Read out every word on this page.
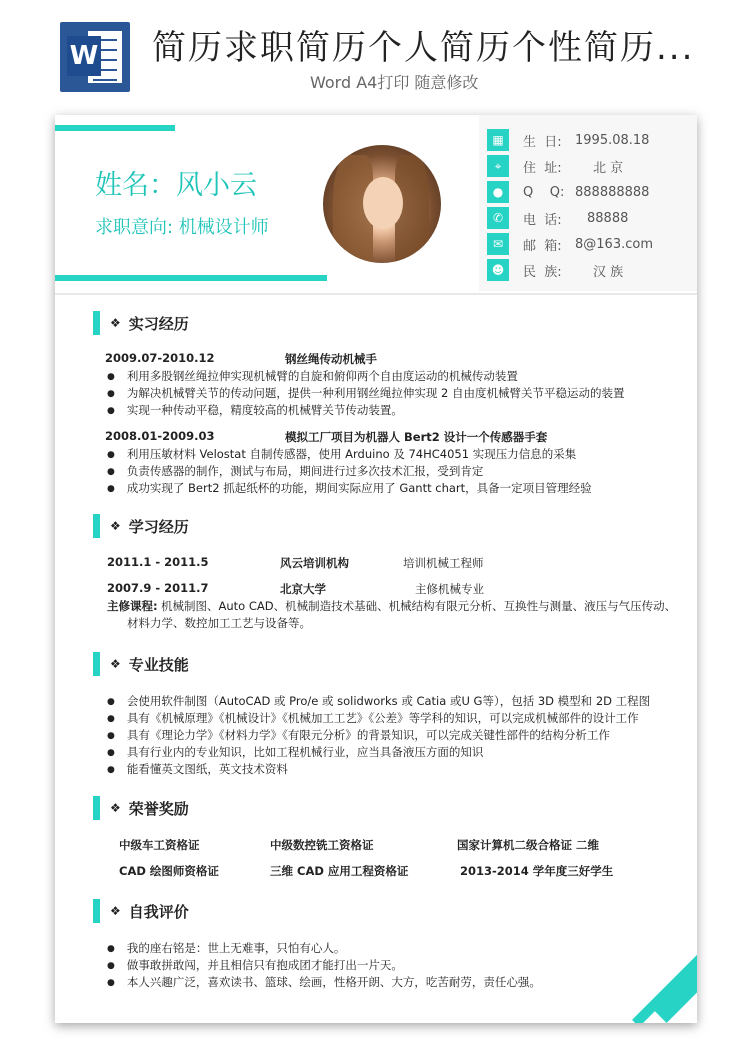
W 简历求职简历个人简历个性简历...
Word A4打印 随意修改
姓名：风小云
求职意向: 机械设计师
▦	生  日:	1995.08.18
⌖	住  址:	北 京
●	Q    Q: 888888888
✆	电  话:	88888
✉	邮  箱:	8@163.com
☻	民  族:	汉 族
❖ 实习经历
2009.07-2010.12	钢丝绳传动机械手
● 利用多股钢丝绳拉伸实现机械臂的自旋和俯仰两个自由度运动的机械传动装置
● 为解决机械臂关节的传动问题，提供一种利用钢丝绳拉伸实现 2 自由度机械臂关节平稳运动的装置
● 实现一种传动平稳，精度较高的机械臂关节传动装置。
2008.01-2009.03	模拟工厂项目为机器人 Bert2 设计一个传感器手套
● 利用压敏材料 Velostat 自制传感器，使用 Arduino 及 74HC4051 实现压力信息的采集
● 负责传感器的制作，测试与布局，期间进行过多次技术汇报，受到肯定
● 成功实现了 Bert2 抓起纸杯的功能，期间实际应用了 Gantt chart，具备一定项目管理经验
❖ 学习经历
2011.1 - 2011.5	风云培训机构	培训机械工程师
2007.9 - 2011.7	北京大学	主修机械专业
主修课程: 机械制图、Auto CAD、机械制造技术基础、机械结构有限元分析、互换性与测量、液压与气压传动、
材料力学、数控加工工艺与设备等。
❖ 专业技能
● 会使用软件制图（AutoCAD 或 Pro/e 或 solidworks 或 Catia 或U G等），包括 3D 模型和 2D 工程图
● 具有《机械原理》《机械设计》《机械加工工艺》《公差》等学科的知识，可以完成机械部件的设计工作
● 具有《理论力学》《材料力学》《有限元分析》的背景知识，可以完成关键性部件的结构分析工作
● 具有行业内的专业知识，比如工程机械行业，应当具备液压方面的知识
● 能看懂英文图纸，英文技术资料
❖ 荣誉奖励
中级车工资格证	中级数控铣工资格证	国家计算机二级合格证 二维
CAD 绘图师资格证	三维 CAD 应用工程资格证	2013-2014 学年度三好学生
❖ 自我评价
● 我的座右铭是：世上无难事，只怕有心人。
● 做事敢拼敢闯，并且相信只有抱成团才能打出一片天。
● 本人兴趣广泛，喜欢读书、篮球、绘画，性格开朗、大方，吃苦耐劳，责任心强。
